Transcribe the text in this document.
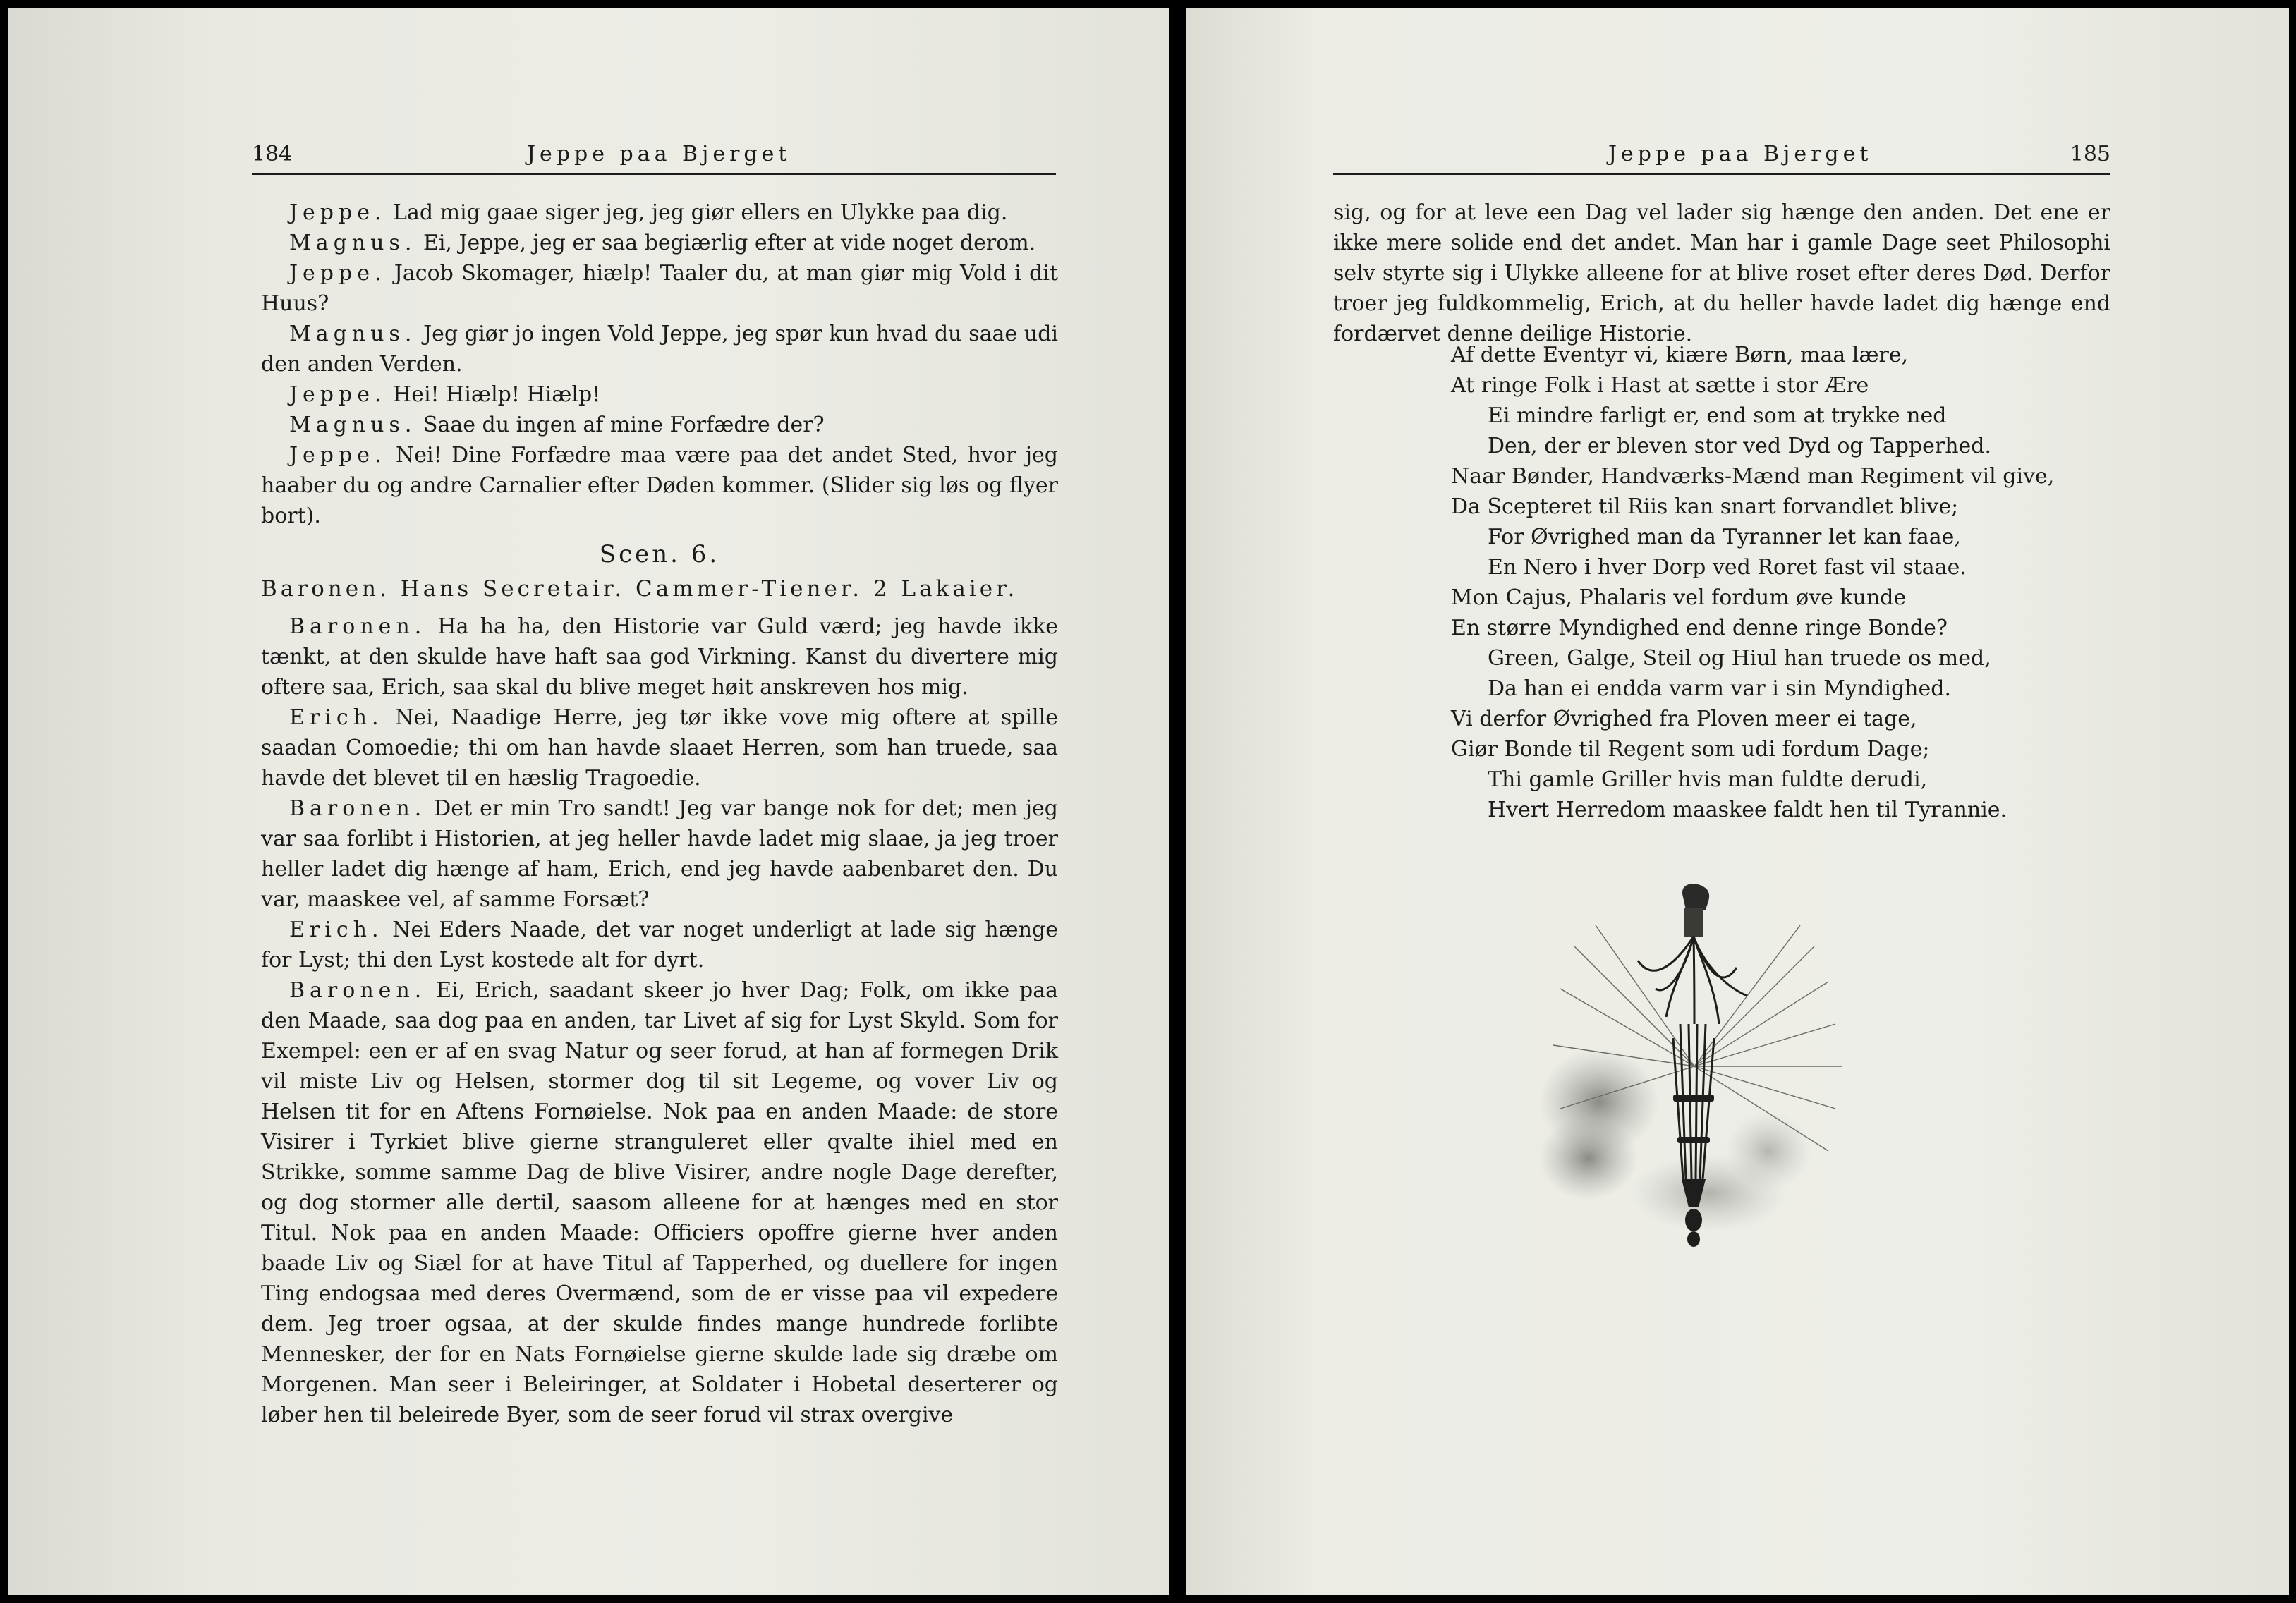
184	Jeppe paa Bjerget

Jeppe. Lad mig gaae siger jeg, jeg giør ellers en Ulykke paa dig.

Magnus. Ei, Jeppe, jeg er saa begiærlig efter at vide noget derom.

Jeppe. Jacob Skomager, hiælp! Taaler du, at man giør mig Vold i dit Huus?

Magnus. Jeg giør jo ingen Vold Jeppe, jeg spør kun hvad du saae udi den anden Verden.

Jeppe. Hei! Hiælp! Hiælp!

Magnus. Saae du ingen af mine Forfædre der?

Jeppe. Nei! Dine Forfædre maa være paa det andet Sted, hvor jeg haaber du og andre Carnalier efter Døden kommer. (Slider sig løs og flyer bort).

Scen. 6.

Baronen. Hans Secretair. Cammer-Tiener. 2 Lakaier.

Baronen. Ha ha ha, den Historie var Guld værd; jeg havde ikke tænkt, at den skulde have haft saa god Virkning. Kanst du divertere mig oftere saa, Erich, saa skal du blive meget høit anskreven hos mig.

Erich. Nei, Naadige Herre, jeg tør ikke vove mig oftere at spille saadan Comoedie; thi om han havde slaaet Herren, som han truede, saa havde det blevet til en hæslig Tragoedie.

Baronen. Det er min Tro sandt! Jeg var bange nok for det; men jeg var saa forlibt i Historien, at jeg heller havde ladet mig slaae, ja jeg troer heller ladet dig hænge af ham, Erich, end jeg havde aabenbaret den. Du var, maaskee vel, af samme Forsæt?

Erich. Nei Eders Naade, det var noget underligt at lade sig hænge for Lyst; thi den Lyst kostede alt for dyrt.

Baronen. Ei, Erich, saadant skeer jo hver Dag; Folk, om ikke paa den Maade, saa dog paa en anden, tar Livet af sig for Lyst Skyld. Som for Exempel: een er af en svag Natur og seer forud, at han af formegen Drik vil miste Liv og Helsen, stormer dog til sit Legeme, og vover Liv og Helsen tit for en Aftens Fornøielse. Nok paa en anden Maade: de store Visirer i Tyrkiet blive gierne stranguleret eller qvalte ihiel med en Strikke, somme samme Dag de blive Visirer, andre nogle Dage derefter, og dog stormer alle dertil, saasom alleene for at hænges med en stor Titul. Nok paa en anden Maade: Officiers opoffre gierne hver anden baade Liv og Siæl for at have Titul af Tapperhed, og duellere for ingen Ting endogsaa med deres Overmænd, som de er visse paa vil expedere dem. Jeg troer ogsaa, at der skulde findes mange hundrede forlibte Mennesker, der for en Nats Fornøielse gierne skulde lade sig dræbe om Morgenen. Man seer i Beleiringer, at Soldater i Hobetal deserterer og løber hen til beleirede Byer, som de seer forud vil strax overgive

Jeppe paa Bjerget	185

sig, og for at leve een Dag vel lader sig hænge den anden. Det ene er ikke mere solide end det andet. Man har i gamle Dage seet Philosophi selv styrte sig i Ulykke alleene for at blive roset efter deres Død. Derfor troer jeg fuldkommelig, Erich, at du heller havde ladet dig hænge end fordærvet denne deilige Historie.

Af dette Eventyr vi, kiære Børn, maa lære,

At ringe Folk i Hast at sætte i stor Ære

Ei mindre farligt er, end som at trykke ned

Den, der er bleven stor ved Dyd og Tapperhed.

Naar Bønder, Handværks-Mænd man Regiment vil give,

Da Scepteret til Riis kan snart forvandlet blive;

For Øvrighed man da Tyranner let kan faae,

En Nero i hver Dorp ved Roret fast vil staae.

Mon Cajus, Phalaris vel fordum øve kunde

En større Myndighed end denne ringe Bonde?

Green, Galge, Steil og Hiul han truede os med,

Da han ei endda varm var i sin Myndighed.

Vi derfor Øvrighed fra Ploven meer ei tage,

Giør Bonde til Regent som udi fordum Dage;

Thi gamle Griller hvis man fuldte derudi,

Hvert Herredom maaskee faldt hen til Tyrannie.
